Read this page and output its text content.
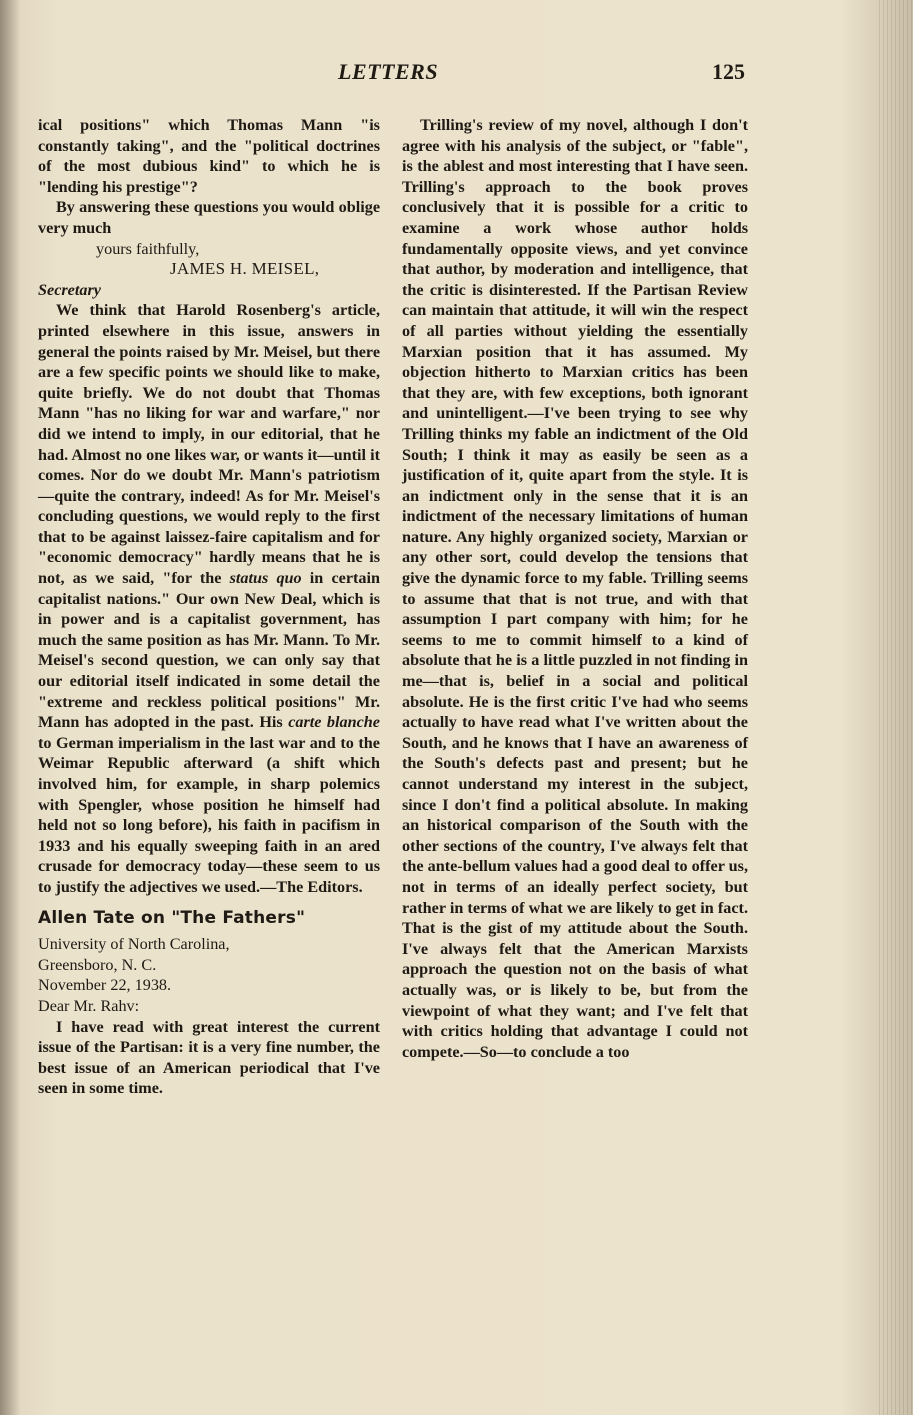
LETTERS	125

ical positions" which Thomas Mann "is constantly taking", and the "political doctrines of the most dubious kind" to which he is "lending his prestige"?

By answering these questions you would oblige very much

yours faithfully,

JAMES H. MEISEL,

Secretary

We think that Harold Rosenberg's article, printed elsewhere in this issue, answers in general the points raised by Mr. Meisel, but there are a few specific points we should like to make, quite briefly. We do not doubt that Thomas Mann "has no liking for war and warfare," nor did we intend to imply, in our editorial, that he had. Almost no one likes war, or wants it—until it comes. Nor do we doubt Mr. Mann's patriotism—quite the contrary, indeed! As for Mr. Meisel's concluding questions, we would reply to the first that to be against laissez-faire capitalism and for "economic democracy" hardly means that he is not, as we said, "for the status quo in certain capitalist nations." Our own New Deal, which is in power and is a capitalist government, has much the same position as has Mr. Mann. To Mr. Meisel's second question, we can only say that our editorial itself indicated in some detail the "extreme and reckless political positions" Mr. Mann has adopted in the past. His carte blanche to German imperialism in the last war and to the Weimar Republic afterward (a shift which involved him, for example, in sharp polemics with Spengler, whose position he himself had held not so long before), his faith in pacifism in 1933 and his equally sweeping faith in an ared crusade for democracy today—these seem to us to justify the adjectives we used.—The Editors.

Allen Tate on "The Fathers"

University of North Carolina,

Greensboro, N. C.

November 22, 1938.

Dear Mr. Rahv:

I have read with great interest the current issue of the Partisan: it is a very fine number, the best issue of an American periodical that I've seen in some time.

Trilling's review of my novel, although I don't agree with his analysis of the subject, or "fable", is the ablest and most interesting that I have seen. Trilling's approach to the book proves conclusively that it is possible for a critic to examine a work whose author holds fundamentally opposite views, and yet convince that author, by moderation and intelligence, that the critic is disinterested. If the Partisan Review can maintain that attitude, it will win the respect of all parties without yielding the essentially Marxian position that it has assumed. My objection hitherto to Marxian critics has been that they are, with few exceptions, both ignorant and unintelligent.—I've been trying to see why Trilling thinks my fable an indictment of the Old South; I think it may as easily be seen as a justification of it, quite apart from the style. It is an indictment only in the sense that it is an indictment of the necessary limitations of human nature. Any highly organized society, Marxian or any other sort, could develop the tensions that give the dynamic force to my fable. Trilling seems to assume that that is not true, and with that assumption I part company with him; for he seems to me to commit himself to a kind of absolute that he is a little puzzled in not finding in me—that is, belief in a social and political absolute. He is the first critic I've had who seems actually to have read what I've written about the South, and he knows that I have an awareness of the South's defects past and present; but he cannot understand my interest in the subject, since I don't find a political absolute. In making an historical comparison of the South with the other sections of the country, I've always felt that the ante-bellum values had a good deal to offer us, not in terms of an ideally perfect society, but rather in terms of what we are likely to get in fact. That is the gist of my attitude about the South. I've always felt that the American Marxists approach the question not on the basis of what actually was, or is likely to be, but from the viewpoint of what they want; and I've felt that with critics holding that advantage I could not compete.—So—to conclude a too
